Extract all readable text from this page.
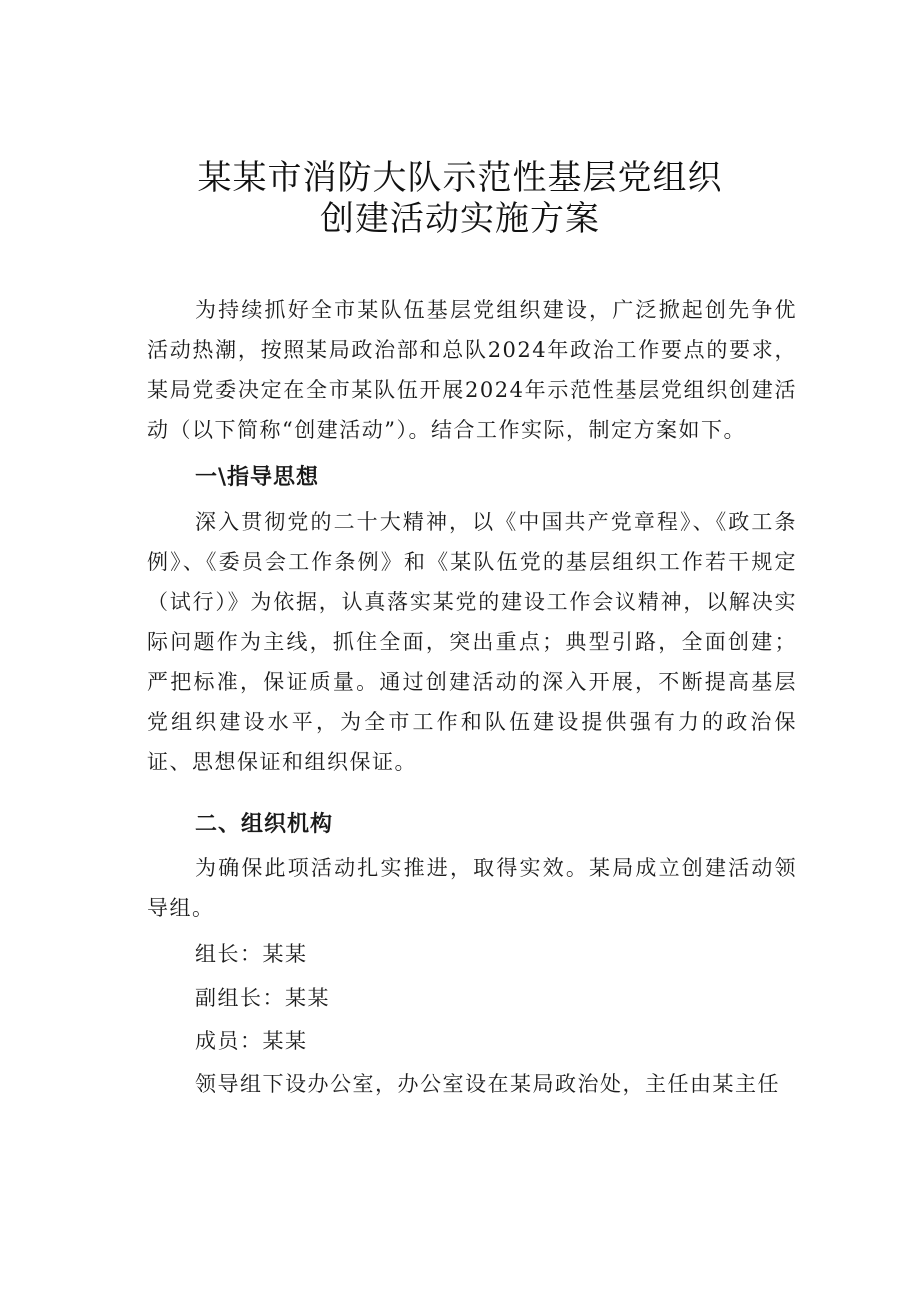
某某市消防大队示范性基层党组织
创建活动实施方案

为持续抓好全市某队伍基层党组织建设，广泛掀起创先争优活动热潮，按照某局政治部和总队2024年政治工作要点的要求，某局党委决定在全市某队伍开展2024年示范性基层党组织创建活动（以下简称“创建活动”）。结合工作实际，制定方案如下。

一\指导思想

深入贯彻党的二十大精神，以《中国共产党章程》、《政工条例》、《委员会工作条例》和《某队伍党的基层组织工作若干规定（试行）》为依据，认真落实某党的建设工作会议精神，以解决实际问题作为主线，抓住全面，突出重点；典型引路，全面创建；严把标准，保证质量。通过创建活动的深入开展，不断提高基层党组织建设水平，为全市工作和队伍建设提供强有力的政治保证、思想保证和组织保证。

二、组织机构

为确保此项活动扎实推进，取得实效。某局成立创建活动领导组。

组长：某某

副组长：某某

成员：某某

领导组下设办公室，办公室设在某局政治处，主任由某主任
